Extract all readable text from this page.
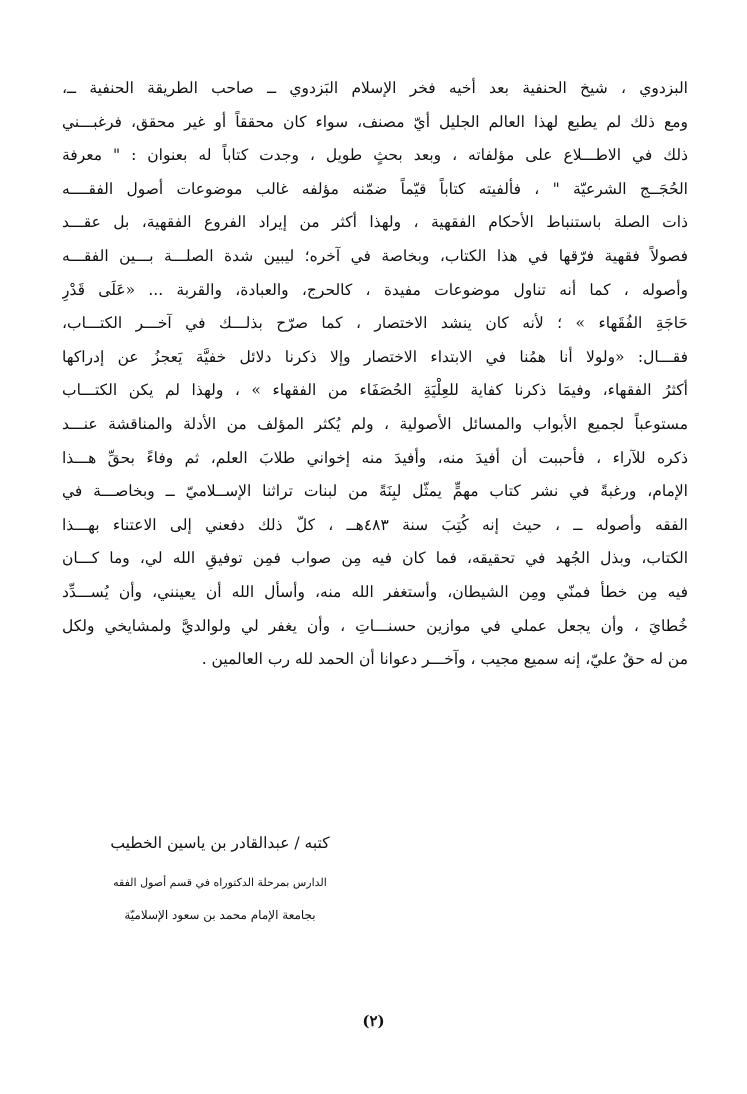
البزدوي ، شيخ الحنفية بعد أخيه فخر الإسلام البَزدوي ــ صاحب الطريقة الحنفية ــ،
ومع ذلك لم يطبع لهذا العالم الجليل أيّ مصنف، سواء كان محققاً أو غير محقق، فرغبـــني
ذلك في الاطـــلاع على مؤلفاته ، وبعد بحثٍ طويل ، وجدت كتاباً له بعنوان : " معرفة
الحُجَــج الشرعيّة " ، فألفيته كتاباً قيّماً ضمّنه مؤلفه غالب موضوعات أصول الفقــــه
ذات الصلة باستنباط الأحكام الفقهية ، ولهذا أكثر من إيراد الفروع الفقهية، بل عقـــد
فصولاً فقهية فرّقها في هذا الكتاب، وبخاصة في آخره؛ ليبين شدة الصلـــة بـــين الفقـــه
وأصوله ، كما أنه تناول موضوعات مفيدة ، كالحرج، والعبادة، والقربة ... «عَلَى قَدْرِ
حَاجَةِ الفُقَهاء » ؛ لأنه كان ينشد الاختصار ، كما صرّح بذلـــك في آخـــر الكتـــاب،
فقـــال: «ولولا أنا همُنا في الابتداء الاختصار وإلا ذكرنا دلائل خفيَّة يَعجزُ عن إدراكها
أكثرُ الفقهاء، وفيمَا ذكرنا كفاية للعِلْيَةِ الحُصَفَاء من الفقهاء » ، ولهذا لم يكن الكتـــاب
مستوعباً لجميع الأبواب والمسائل الأصولية ، ولم يُكثر المؤلف من الأدلة والمناقشة عنـــد
ذكره للآراء ، فأحببت أن أفيدَ منه، وأفيدَ منه إخواني طلابَ العلم، ثم وفاءً بحقِّ هـــذا
الإمام، ورغبةً في نشر كتاب مهمٍّ يمثّل لبِنَةً من لبنات تراثنا الإســلاميّ ــ وبخاصـــة في
الفقه وأصوله ــ ، حيث إنه كُتِبَ سنة ٤٨٣هــ ، كلّ ذلك دفعني إلى الاعتناء بهـــذا
الكتاب، وبذل الجُهد في تحقيقه، فما كان فيه مِن صواب فمِن توفيقِ الله لي، وما كـــان
فيه مِن خطأ فمنّي ومِن الشيطان، وأستغفر الله منه، وأسأل الله أن يعينني، وأن يُســـدِّد
خُطايَ ، وأن يجعل عملي في موازين حسنـــاتِ ، وأن يغفر لي ولوالديَّ ولمشايخي ولكل
من له حقٌ عليّ، إنه سميع مجيب ، وآخـــر دعوانا أن الحمد لله رب العالمين .
كتبه / عبدالقادر بن ياسين الخطيب
الدارس بمرحلة الدكتوراه في قسم أصول الفقه
بجامعة الإمام محمد بن سعود الإسلاميّة
(٢)
